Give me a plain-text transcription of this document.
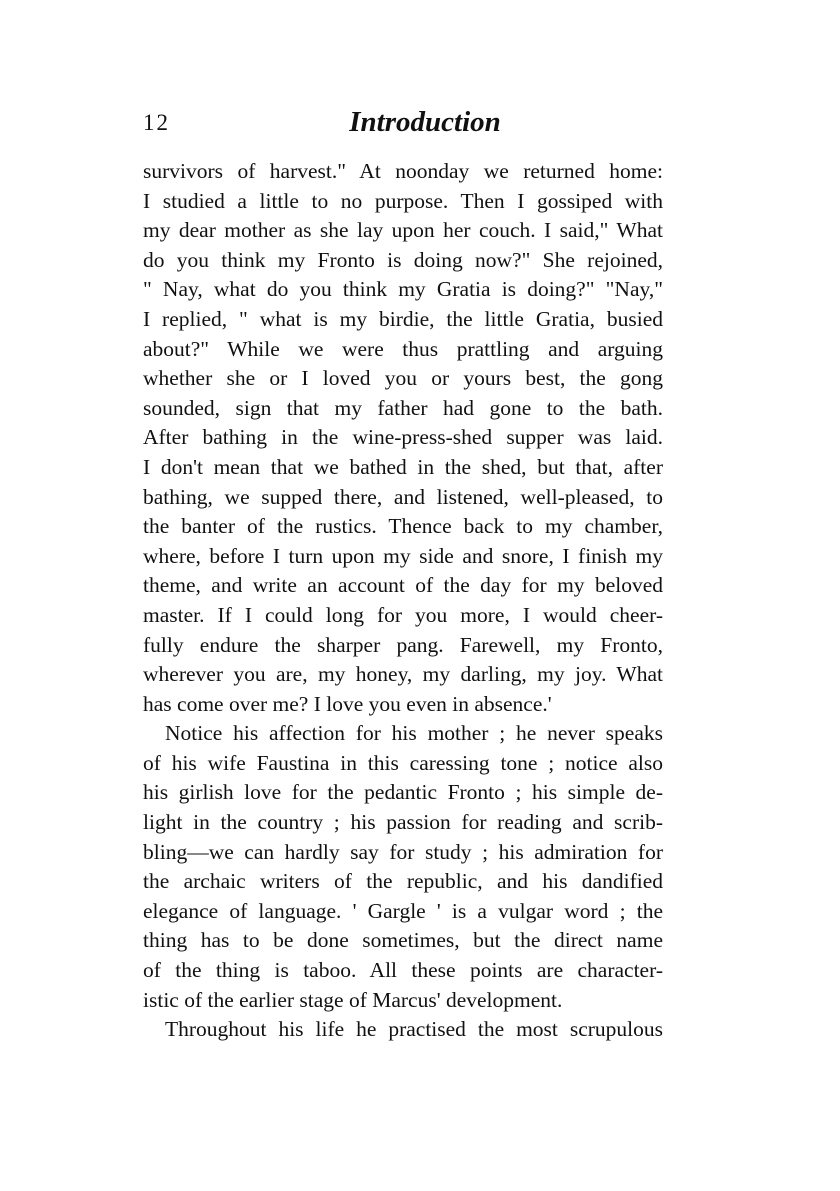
12	Introduction
survivors of harvest." At noonday we returned home:
I studied a little to no purpose. Then I gossiped with
my dear mother as she lay upon her couch. I said," What
do you think my Fronto is doing now?" She rejoined,
" Nay, what do you think my Gratia is doing?" "Nay,"
I replied, " what is my birdie, the little Gratia, busied
about?" While we were thus prattling and arguing
whether she or I loved you or yours best, the gong
sounded, sign that my father had gone to the bath.
After bathing in the wine-press-shed supper was laid.
I don't mean that we bathed in the shed, but that, after
bathing, we supped there, and listened, well-pleased, to
the banter of the rustics. Thence back to my chamber,
where, before I turn upon my side and snore, I finish my
theme, and write an account of the day for my beloved
master. If I could long for you more, I would cheer-
fully endure the sharper pang. Farewell, my Fronto,
wherever you are, my honey, my darling, my joy. What
has come over me? I love you even in absence.'
Notice his affection for his mother ; he never speaks
of his wife Faustina in this caressing tone ; notice also
his girlish love for the pedantic Fronto ; his simple de-
light in the country ; his passion for reading and scrib-
bling—we can hardly say for study ; his admiration for
the archaic writers of the republic, and his dandified
elegance of language. ' Gargle ' is a vulgar word ; the
thing has to be done sometimes, but the direct name
of the thing is taboo. All these points are character-
istic of the earlier stage of Marcus' development.
Throughout his life he practised the most scrupulous
